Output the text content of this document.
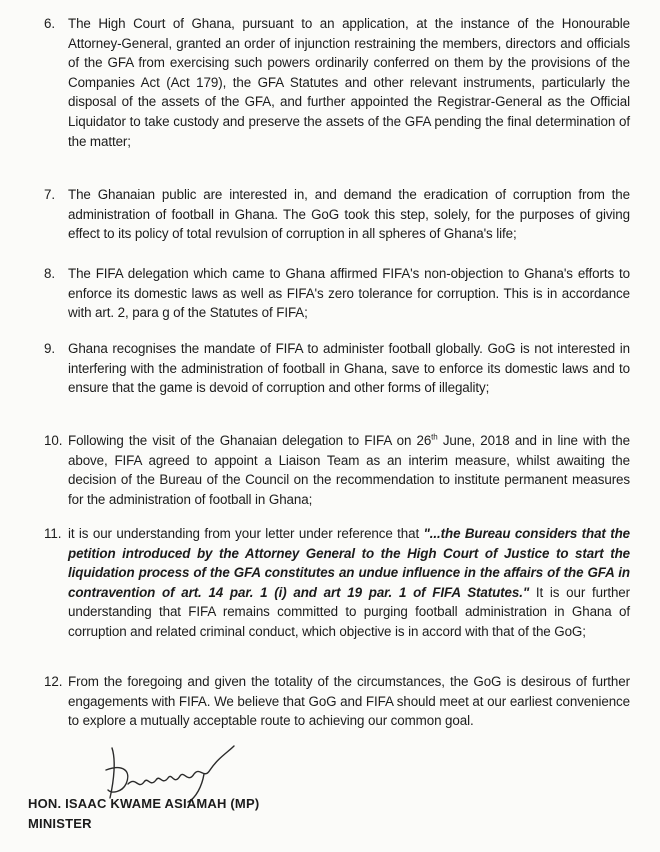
6. The High Court of Ghana, pursuant to an application, at the instance of the Honourable Attorney-General, granted an order of injunction restraining the members, directors and officials of the GFA from exercising such powers ordinarily conferred on them by the provisions of the Companies Act (Act 179), the GFA Statutes and other relevant instruments, particularly the disposal of the assets of the GFA, and further appointed the Registrar-General as the Official Liquidator to take custody and preserve the assets of the GFA pending the final determination of the matter;
7. The Ghanaian public are interested in, and demand the eradication of corruption from the administration of football in Ghana. The GoG took this step, solely, for the purposes of giving effect to its policy of total revulsion of corruption in all spheres of Ghana's life;
8. The FIFA delegation which came to Ghana affirmed FIFA's non-objection to Ghana's efforts to enforce its domestic laws as well as FIFA's zero tolerance for corruption. This is in accordance with art. 2, para g of the Statutes of FIFA;
9. Ghana recognises the mandate of FIFA to administer football globally. GoG is not interested in interfering with the administration of football in Ghana, save to enforce its domestic laws and to ensure that the game is devoid of corruption and other forms of illegality;
10. Following the visit of the Ghanaian delegation to FIFA on 26th June, 2018 and in line with the above, FIFA agreed to appoint a Liaison Team as an interim measure, whilst awaiting the decision of the Bureau of the Council on the recommendation to institute permanent measures for the administration of football in Ghana;
11. it is our understanding from your letter under reference that "...the Bureau considers that the petition introduced by the Attorney General to the High Court of Justice to start the liquidation process of the GFA constitutes an undue influence in the affairs of the GFA in contravention of art. 14 par. 1 (i) and art 19 par. 1 of FIFA Statutes." It is our further understanding that FIFA remains committed to purging football administration in Ghana of corruption and related criminal conduct, which objective is in accord with that of the GoG;
12. From the foregoing and given the totality of the circumstances, the GoG is desirous of further engagements with FIFA. We believe that GoG and FIFA should meet at our earliest convenience to explore a mutually acceptable route to achieving our common goal.
HON. ISAAC KWAME ASIAMAH (MP)
MINISTER
